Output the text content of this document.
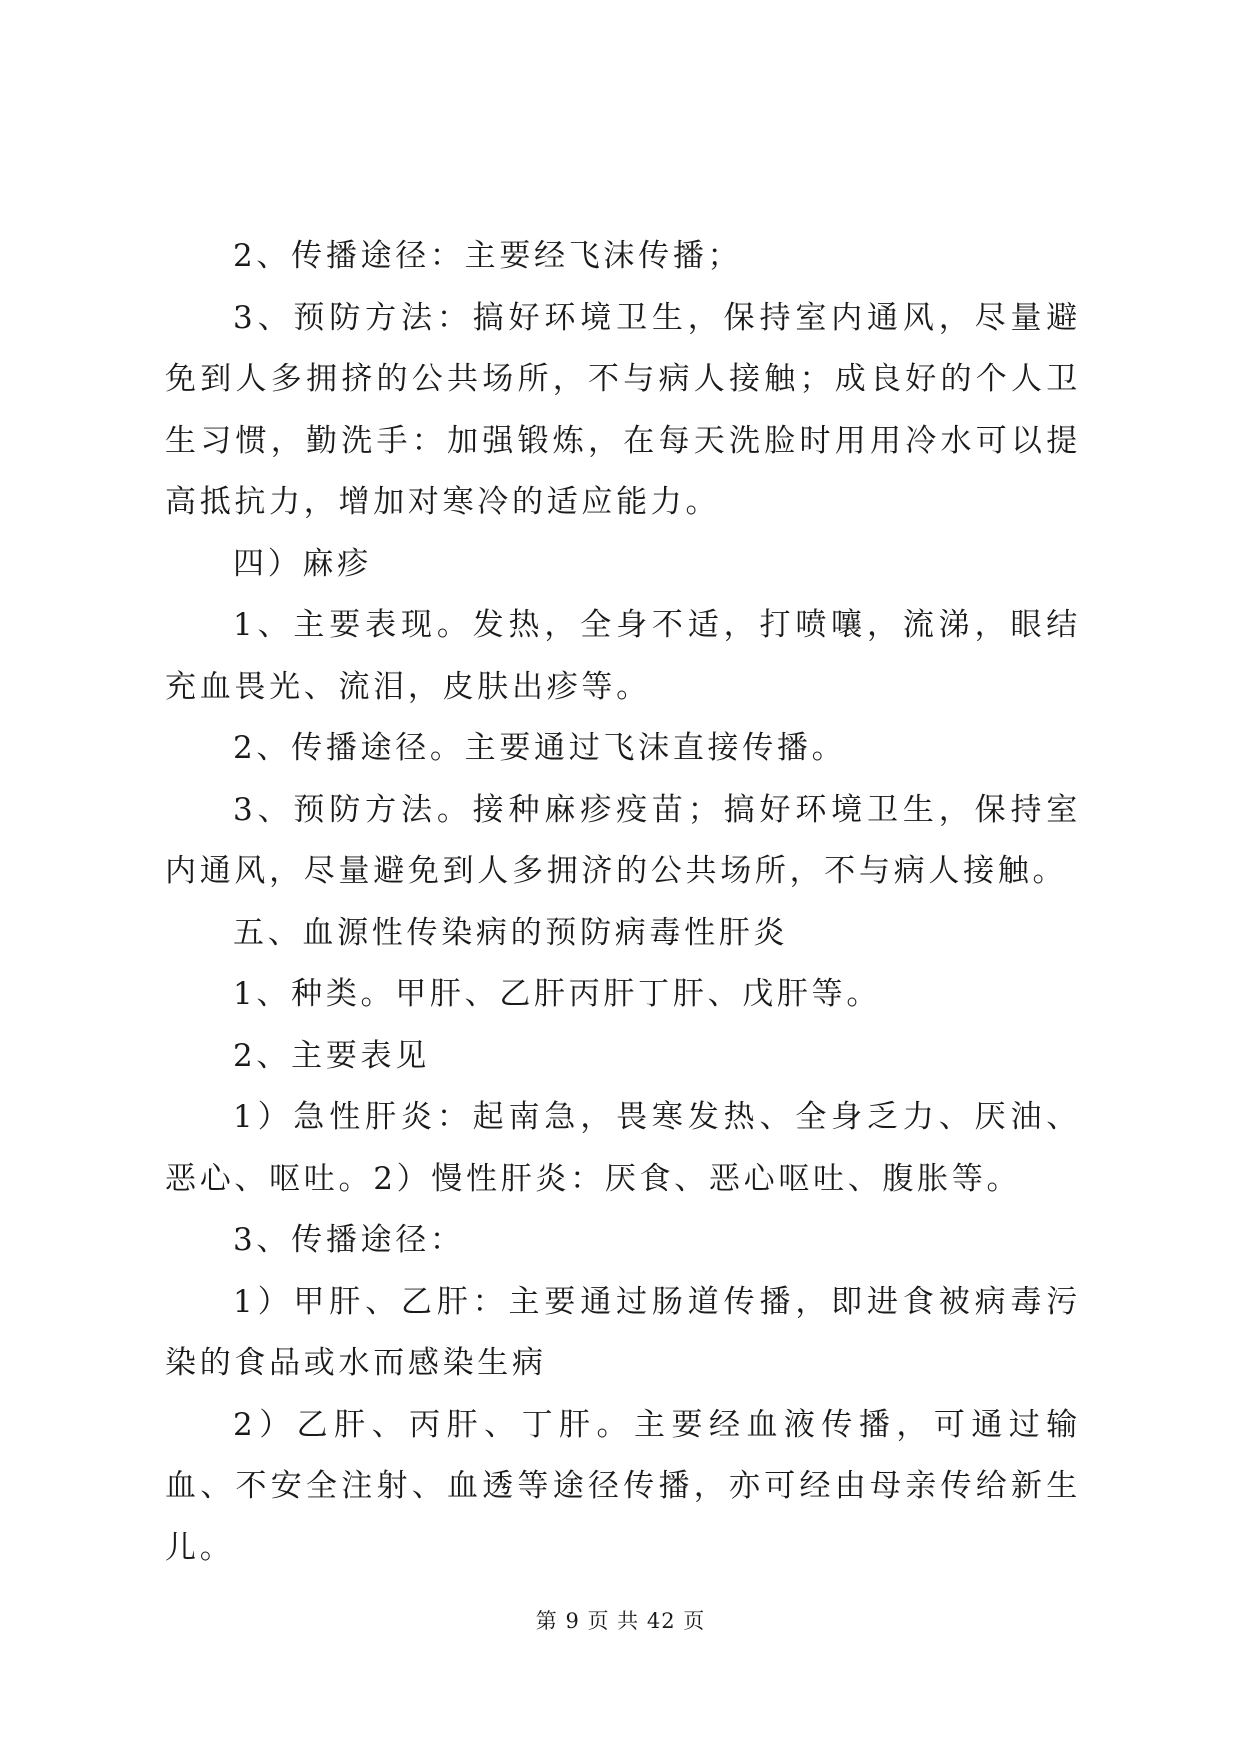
2、传播途径：主要经飞沫传播；

3、预防方法：搞好环境卫生，保持室内通风，尽量避免到人多拥挤的公共场所，不与病人接触；成良好的个人卫生习惯，勤洗手：加强锻炼，在每天洗脸时用用冷水可以提高抵抗力，增加对寒冷的适应能力。

四）麻疹

1、主要表现。发热，全身不适，打喷嚷，流涕，眼结充血畏光、流泪，皮肤出疹等。

2、传播途径。主要通过飞沫直接传播。

3、预防方法。接种麻疹疫苗；搞好环境卫生，保持室内通风，尽量避免到人多拥济的公共场所，不与病人接触。

五、血源性传染病的预防病毒性肝炎

1、种类。甲肝、乙肝丙肝丁肝、戊肝等。

2、主要表见

1）急性肝炎：起南急，畏寒发热、全身乏力、厌油、恶心、呕吐。2）慢性肝炎：厌食、恶心呕吐、腹胀等。

3、传播途径：

1）甲肝、乙肝：主要通过肠道传播，即进食被病毒污染的食品或水而感染生病

2）乙肝、丙肝、丁肝。主要经血液传播，可通过输血、不安全注射、血透等途径传播，亦可经由母亲传给新生儿。

第 9 页 共 42 页
